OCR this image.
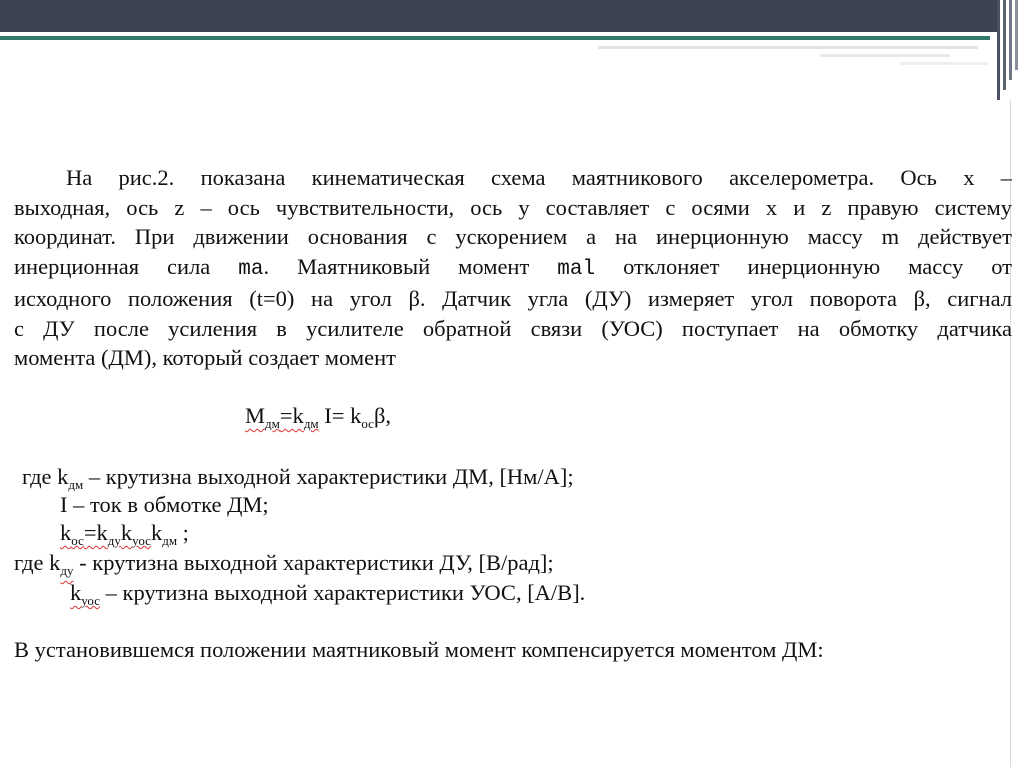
На рис.2. показана кинематическая схема маятникового акселерометра. Ось x –
выходная, ось z – ось чувствительности, ось y составляет с осями x и z правую систему
координат. При движении основания с ускорением a на инерционную массу m действует
инерционная сила ma. Маятниковый момент mal отклоняет инерционную массу от
исходного положения (t=0) на угол β. Датчик угла (ДУ) измеряет угол поворота β, сигнал
с ДУ после усиления в усилителе обратной связи (УОС) поступает на обмотку датчика
момента (ДМ), который создает момент
$M_{дм}=k_{дм}$ $I= k_{ос}\beta$,
где $k_{дм}$ – крутизна выходной характеристики ДМ, [Нм/А];
I – ток в обмотке ДМ;
$k_{ос}=k_{ду}k_{уос}k_{дм}$ ;
где $k_{ду}$ - крутизна выходной характеристики ДУ, [В/рад];
$k_{уос}$ – крутизна выходной характеристики УОС, [А/В].
В установившемся положении маятниковый момент компенсируется моментом ДМ:
